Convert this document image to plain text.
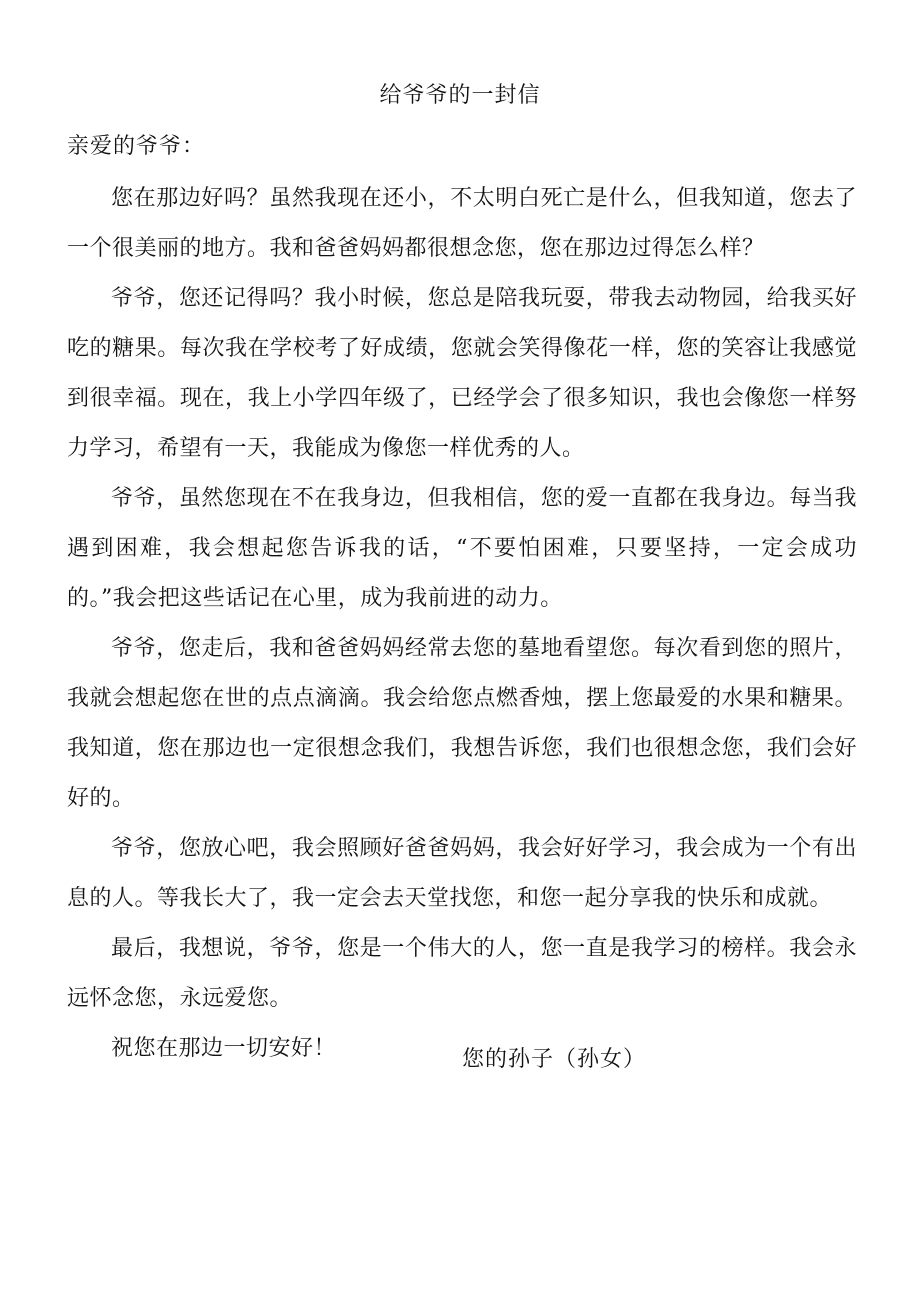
给爷爷的一封信
亲爱的爷爷：

您在那边好吗？虽然我现在还小，不太明白死亡是什么，但我知道，您去了一个很美丽的地方。我和爸爸妈妈都很想念您，您在那边过得怎么样？

爷爷，您还记得吗？我小时候，您总是陪我玩耍，带我去动物园，给我买好吃的糖果。每次我在学校考了好成绩，您就会笑得像花一样，您的笑容让我感觉到很幸福。现在，我上小学四年级了，已经学会了很多知识，我也会像您一样努力学习，希望有一天，我能成为像您一样优秀的人。

爷爷，虽然您现在不在我身边，但我相信，您的爱一直都在我身边。每当我遇到困难，我会想起您告诉我的话，“不要怕困难，只要坚持，一定会成功的。”我会把这些话记在心里，成为我前进的动力。

爷爷，您走后，我和爸爸妈妈经常去您的墓地看望您。每次看到您的照片，我就会想起您在世的点点滴滴。我会给您点燃香烛，摆上您最爱的水果和糖果。我知道，您在那边也一定很想念我们，我想告诉您，我们也很想念您，我们会好好的。

爷爷，您放心吧，我会照顾好爸爸妈妈，我会好好学习，我会成为一个有出息的人。等我长大了，我一定会去天堂找您，和您一起分享我的快乐和成就。

最后，我想说，爷爷，您是一个伟大的人，您一直是我学习的榜样。我会永远怀念您，永远爱您。

祝您在那边一切安好！	您的孙子（孙女）
